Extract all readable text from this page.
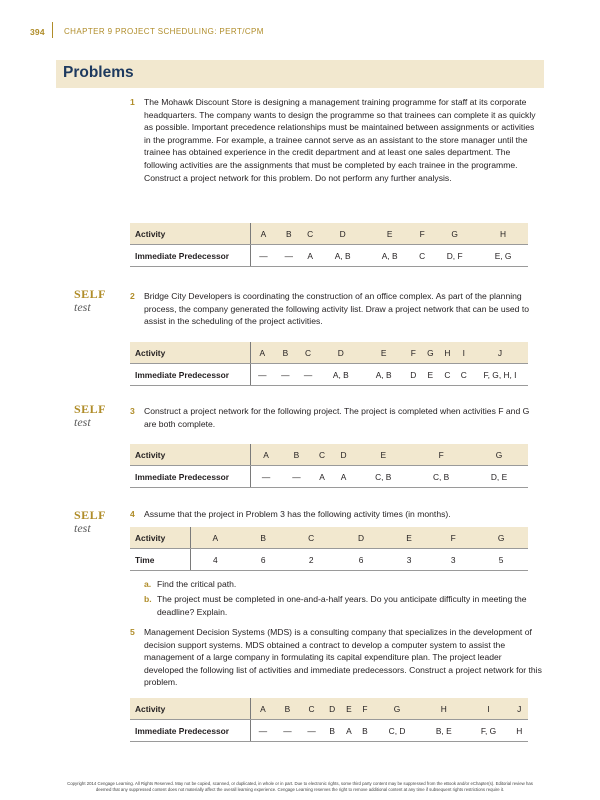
394 CHAPTER 9 PROJECT SCHEDULING: PERT/CPM
Problems
1 The Mohawk Discount Store is designing a management training programme for staff at its corporate headquarters. The company wants to design the programme so that trainees can complete it as quickly as possible. Important precedence relationships must be maintained between assignments or activities in the programme. For example, a trainee cannot serve as an assistant to the store manager until the trainee has obtained experience in the credit department and at least one sales department. The following activities are the assignments that must be completed by each trainee in the programme. Construct a project network for this problem. Do not perform any further analysis.
Activity	A	B	C	D	E	F	G	H
Immediate Predecessor	—	—	A	A, B	A, B	C	D, F	E, G
SELF
test
2 Bridge City Developers is coordinating the construction of an office complex. As part of the planning process, the company generated the following activity list. Draw a project network that can be used to assist in the scheduling of the project activities.
Activity	A	B	C	D	E	F	G	H	I	J
Immediate Predecessor	—	—	—	A, B	A, B	D	E	C	C	F, G, H, I
SELF
test
3 Construct a project network for the following project. The project is completed when activities F and G are both complete.
Activity	A	B	C	D	E	F	G
Immediate Predecessor	—	—	A	A	C, B	C, B	D, E
SELF
test
4 Assume that the project in Problem 3 has the following activity times (in months).
Activity	A	B	C	D	E	F	G
Time	4	6	2	6	3	3	5
a. Find the critical path.
b. The project must be completed in one-and-a-half years. Do you anticipate difficulty in meeting the deadline? Explain.
5 Management Decision Systems (MDS) is a consulting company that specializes in the development of decision support systems. MDS obtained a contract to develop a computer system to assist the management of a large company in formulating its capital expenditure plan. The project leader developed the following list of activities and immediate predecessors. Construct a project network for this problem.
Activity	A	B	C	D	E	F	G	H	I	J
Immediate Predecessor	—	—	—	B	A	B	C, D	B, E	F, G	H
Copyright 2014 Cengage Learning. All Rights Reserved. May not be copied, scanned, or duplicated, in whole or in part. Due to electronic rights, some third party content may be suppressed from the eBook and/or eChapter(s). Editorial review has
deemed that any suppressed content does not materially affect the overall learning experience. Cengage Learning reserves the right to remove additional content at any time if subsequent rights restrictions require it.
